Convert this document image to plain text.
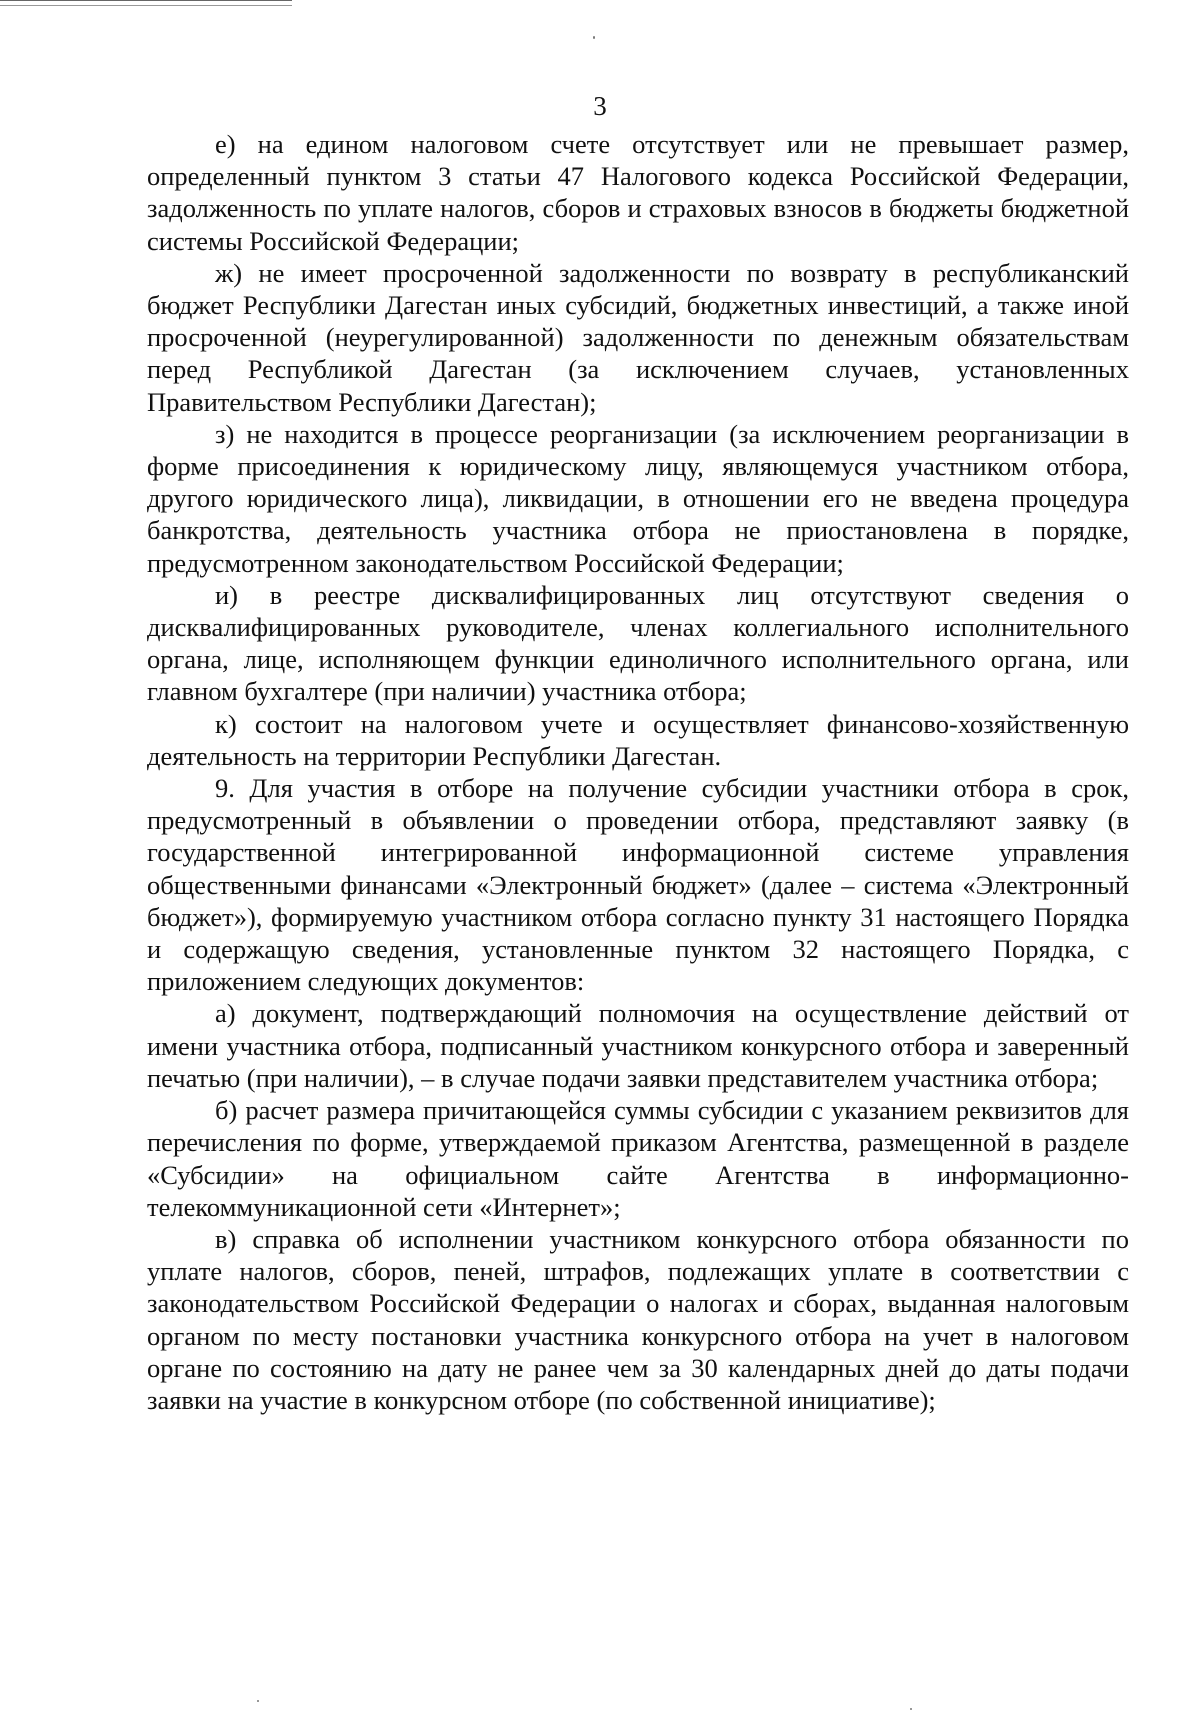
3

е) на едином налоговом счете отсутствует или не превышает размер, определенный пунктом 3 статьи 47 Налогового кодекса Российской Федерации, задолженность по уплате налогов, сборов и страховых взносов в бюджеты бюджетной системы Российской Федерации;

ж) не имеет просроченной задолженности по возврату в республиканский бюджет Республики Дагестан иных субсидий, бюджетных инвестиций, а также иной просроченной (неурегулированной) задолженности по денежным обязательствам перед Республикой Дагестан (за исключением случаев, установленных Правительством Республики Дагестан);

з) не находится в процессе реорганизации (за исключением реорганизации в форме присоединения к юридическому лицу, являющемуся участником отбора, другого юридического лица), ликвидации, в отношении его не введена процедура банкротства, деятельность участника отбора не приостановлена в порядке, предусмотренном законодательством Российской Федерации;

и) в реестре дисквалифицированных лиц отсутствуют сведения о дисквалифицированных руководителе, членах коллегиального исполнительного органа, лице, исполняющем функции единоличного исполнительного органа, или главном бухгалтере (при наличии) участника отбора;

к) состоит на налоговом учете и осуществляет финансово-хозяйственную деятельность на территории Республики Дагестан.

9. Для участия в отборе на получение субсидии участники отбора в срок, предусмотренный в объявлении о проведении отбора, представляют заявку (в государственной интегрированной информационной системе управления общественными финансами «Электронный бюджет» (далее – система «Электронный бюджет»), формируемую участником отбора согласно пункту 31 настоящего Порядка и содержащую сведения, установленные пунктом 32 настоящего Порядка, с приложением следующих документов:

а) документ, подтверждающий полномочия на осуществление действий от имени участника отбора, подписанный участником конкурсного отбора и заверенный печатью (при наличии), – в случае подачи заявки представителем участника отбора;

б) расчет размера причитающейся суммы субсидии с указанием реквизитов для перечисления по форме, утверждаемой приказом Агентства, размещенной в разделе «Субсидии» на официальном сайте Агентства в информационно-телекоммуникационной сети «Интернет»;

в) справка об исполнении участником конкурсного отбора обязанности по уплате налогов, сборов, пеней, штрафов, подлежащих уплате в соответствии с законодательством Российской Федерации о налогах и сборах, выданная налоговым органом по месту постановки участника конкурсного отбора на учет в налоговом органе по состоянию на дату не ранее чем за 30 календарных дней до даты подачи заявки на участие в конкурсном отборе (по собственной инициативе);
